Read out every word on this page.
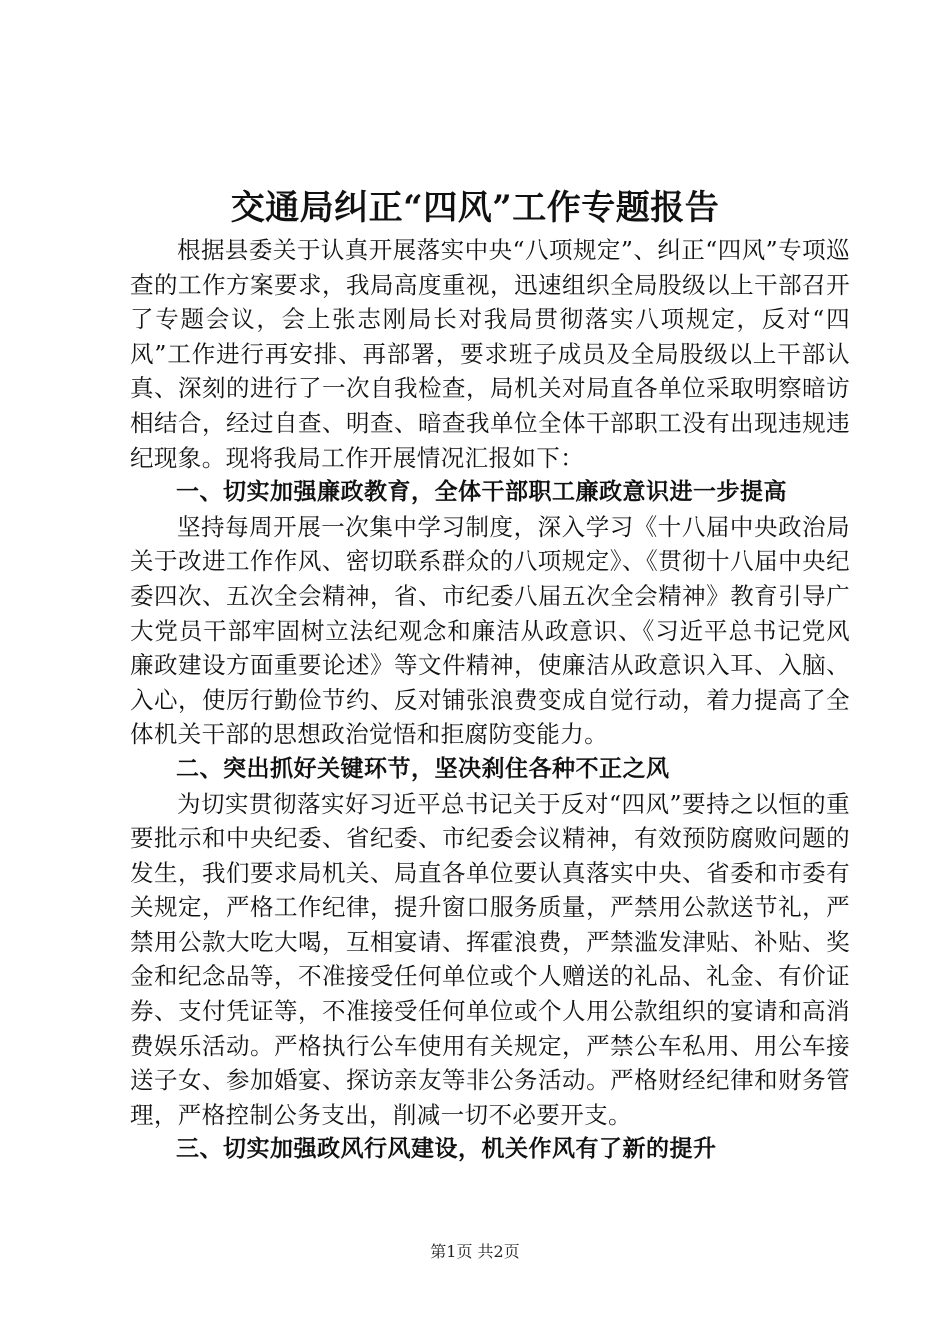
交通局纠正“四风”工作专题报告

根据县委关于认真开展落实中央“八项规定”、纠正“四风”专项巡查的工作方案要求，我局高度重视，迅速组织全局股级以上干部召开了专题会议，会上张志刚局长对我局贯彻落实八项规定，反对“四风”工作进行再安排、再部署，要求班子成员及全局股级以上干部认真、深刻的进行了一次自我检查，局机关对局直各单位采取明察暗访相结合，经过自查、明查、暗查我单位全体干部职工没有出现违规违纪现象。现将我局工作开展情况汇报如下：

一、切实加强廉政教育，全体干部职工廉政意识进一步提高

坚持每周开展一次集中学习制度，深入学习《十八届中央政治局关于改进工作作风、密切联系群众的八项规定》、《贯彻十八届中央纪委四次、五次全会精神，省、市纪委八届五次全会精神》教育引导广大党员干部牢固树立法纪观念和廉洁从政意识、《习近平总书记党风廉政建设方面重要论述》等文件精神，使廉洁从政意识入耳、入脑、入心，使厉行勤俭节约、反对铺张浪费变成自觉行动，着力提高了全体机关干部的思想政治觉悟和拒腐防变能力。

二、突出抓好关键环节，坚决刹住各种不正之风

为切实贯彻落实好习近平总书记关于反对“四风”要持之以恒的重要批示和中央纪委、省纪委、市纪委会议精神，有效预防腐败问题的发生，我们要求局机关、局直各单位要认真落实中央、省委和市委有关规定，严格工作纪律，提升窗口服务质量，严禁用公款送节礼，严禁用公款大吃大喝，互相宴请、挥霍浪费，严禁滥发津贴、补贴、奖金和纪念品等，不准接受任何单位或个人赠送的礼品、礼金、有价证券、支付凭证等，不准接受任何单位或个人用公款组织的宴请和高消费娱乐活动。严格执行公车使用有关规定，严禁公车私用、用公车接送子女、参加婚宴、探访亲友等非公务活动。严格财经纪律和财务管理，严格控制公务支出，削减一切不必要开支。

三、切实加强政风行风建设，机关作风有了新的提升

第1页 共2页
